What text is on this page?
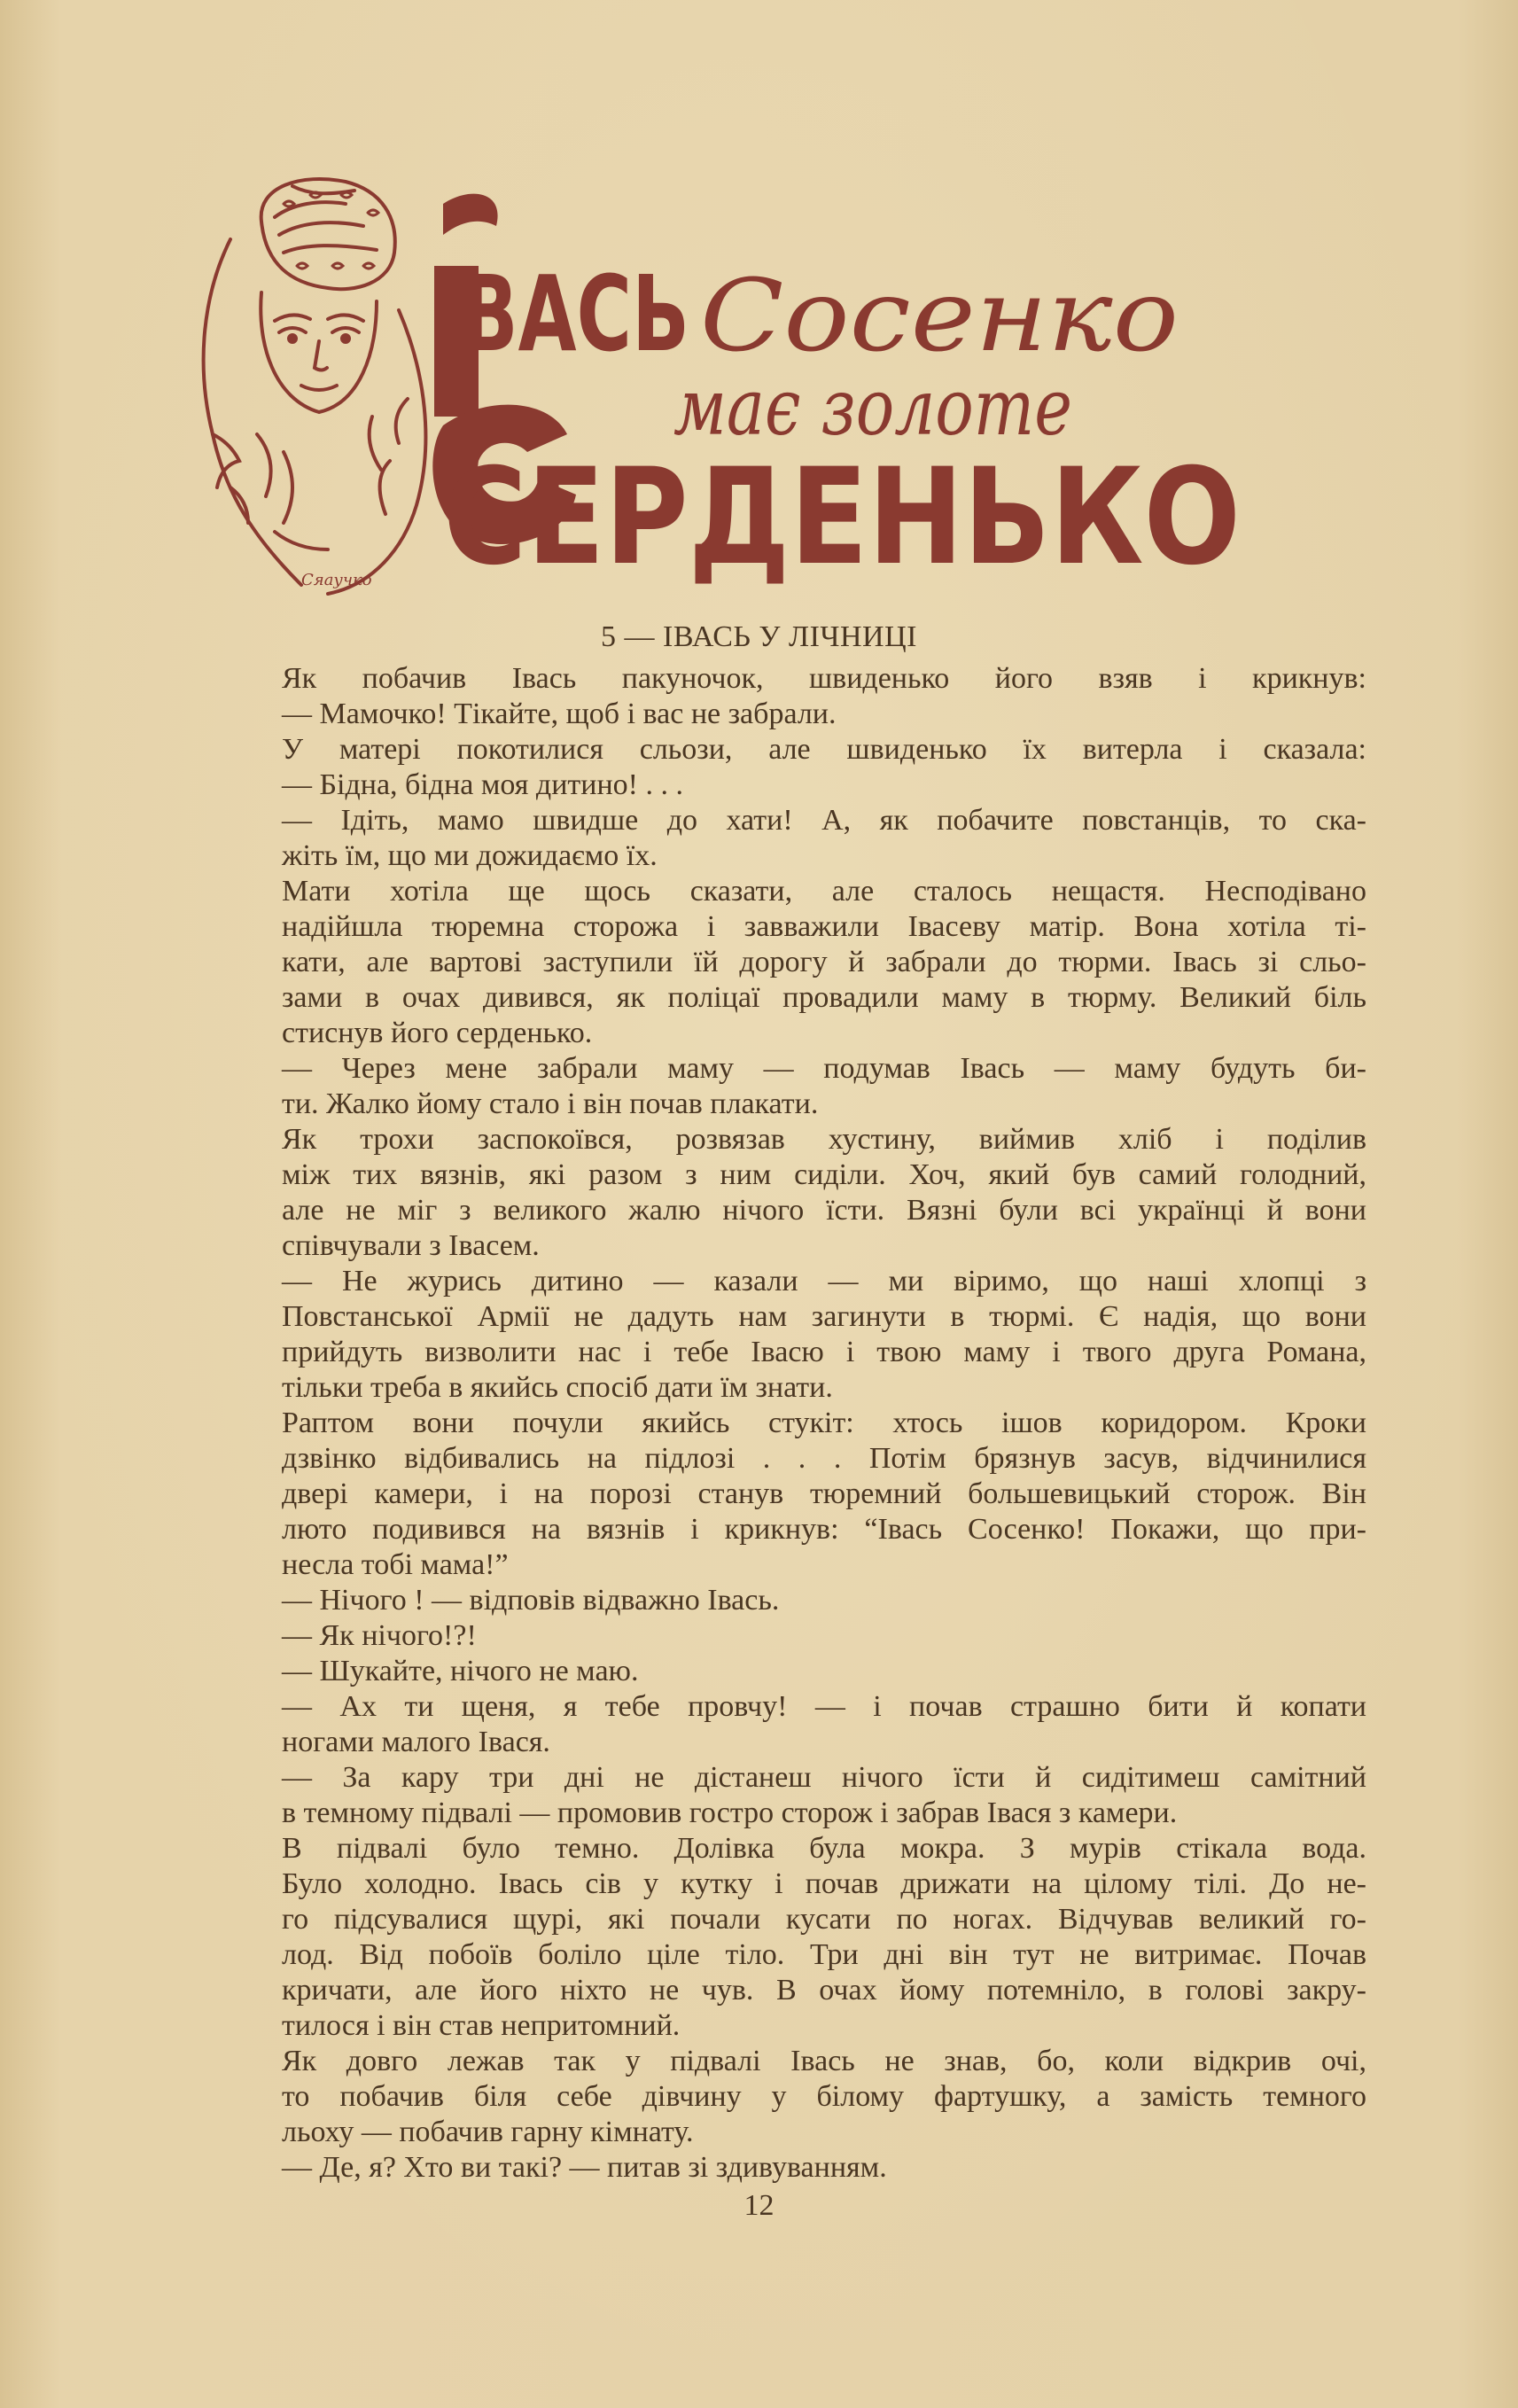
Сяаучко
ІВАСЬ Сосенко
має золоте
СЕРДЕНЬКО
5 — ІВАСЬ У ЛІЧНИЦІ
Як побачив Івась пакуночок, швиденько його взяв і крикнув:
— Мамочко! Тікайте, щоб і вас не забрали.
У матері покотилися сльози, але швиденько їх витерла і сказала:
— Бідна, бідна моя дитино! . . .
— Ідіть, мамо швидше до хати! А, як побачите повстанців, то ска-
жіть їм, що ми дожидаємо їх.
Мати хотіла ще щось сказати, але сталось нещастя. Несподівано
надійшла тюремна сторожа і завважили Івасеву матір. Вона хотіла ті-
кати, але вартові заступили їй дорогу й забрали до тюрми. Івась зі сльо-
зами в очах дивився, як поліцаї провадили маму в тюрму. Великий біль
стиснув його серденько.
— Через мене забрали маму — подумав Івась — маму будуть би-
ти. Жалко йому стало і він почав плакати.
Як трохи заспокоївся, розвязав хустину, виймив хліб і поділив
між тих вязнів, які разом з ним сиділи. Хоч, який був самий голодний,
але не міг з великого жалю нічого їсти. Вязні були всі українці й вони
співчували з Івасем.
— Не журись дитино — казали — ми віримо, що наші хлопці з
Повстанської Армії не дадуть нам загинути в тюрмі. Є надія, що вони
прийдуть визволити нас і тебе Івасю і твою маму і твого друга Романа,
тільки треба в якийсь спосіб дати їм знати.
Раптом вони почули якийсь стукіт: хтось ішов коридором. Кроки
дзвінко відбивались на підлозі . . . Потім брязнув засув, відчинилися
двері камери, і на порозі станув тюремний большевицький сторож. Він
люто подивився на вязнів і крикнув: “Івась Сосенко! Покажи, що при-
несла тобі мама!”
— Нічого ! — відповів відважно Івась.
— Як нічого!?!
— Шукайте, нічого не маю.
— Ах ти щеня, я тебе провчу! — і почав страшно бити й копати
ногами малого Івася.
— За кару три дні не дістанеш нічого їсти й сидітимеш самітний
в темному підвалі — промовив гостро сторож і забрав Івася з камери.
В підвалі було темно. Долівка була мокра. З мурів стікала вода.
Було холодно. Івась сів у кутку і почав дрижати на цілому тілі. До не-
го підсувалися щурі, які почали кусати по ногах. Відчував великий го-
лод. Від побоїв боліло ціле тіло. Три дні він тут не витримає. Почав
кричати, але його ніхто не чув. В очах йому потемніло, в голові закру-
тилося і він став непритомний.
Як довго лежав так у підвалі Івась не знав, бо, коли відкрив очі,
то побачив біля себе дівчину у білому фартушку, а замість темного
льоху — побачив гарну кімнату.
— Де, я? Хто ви такі? — питав зі здивуванням.
12
